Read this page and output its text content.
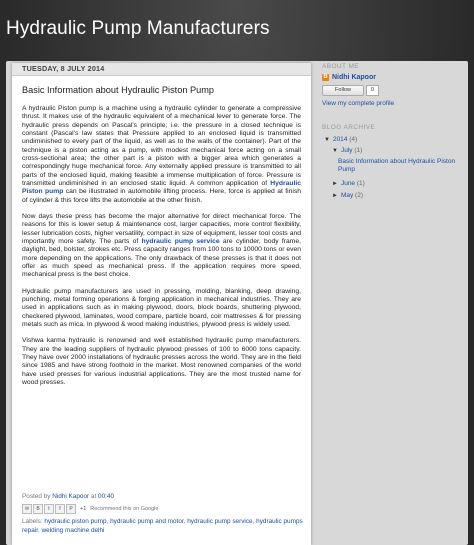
Hydraulic Pump Manufacturers
TUESDAY, 8 JULY 2014
Basic Information about Hydraulic Piston Pump

A hydraulic Piston pump is a machine using a hydraulic cylinder to generate a compressive thrust. It makes use of the hydraulic equivalent of a mechanical lever to generate force. The hydraulic press depends on Pascal's principle; i.e. the pressure in a closed technique is constant (Pascal's law states that Pressure applied to an enclosed liquid is transmitted undiminished to every part of the liquid, as well as to the walls of the container). Part of the technique is a piston acting as a pump, with modest mechanical force acting on a small cross-sectional area; the other part is a piston with a bigger area which generates a correspondingly huge mechanical force. Any externally applied pressure is transmitted to all parts of the enclosed liquid, making feasible a immense multiplication of force. Pressure is transmitted undiminished in an enclosed static liquid. A common application of Hydraulic Piston pump can be illustrated in automobile lifting process. Here, force is applied at finish of cylinder & this force lifts the automobile at the other finish.

Now days these press has become the major alternative for direct mechanical force. The reasons for this is lower setup & maintenance cost, larger capacities, more control flexibility, lesser lubrication costs, higher versatility, compact in size of equipment, lesser tool costs and importantly more safety. The parts of hydraulic pump service are cylinder, body frame, daylight, bed, bolster, strokes etc. Press capacity ranges from 100 tons to 10000 tons or even more depending on the applications. The only drawback of these presses is that it does not offer as much speed as mechanical press. If the application requires more speed, mechanical press is the best choice.

Hydraulic pump manufacturers are used in pressing, molding, blanking, deep drawing, punching, metal forming operations & forging application in mechanical industries. They are used in applications such as in making plywood, doors, block boards, shuttering plywood, checkered plywood, laminates, wood compare, particle board, coir mattresses & for pressing metals such as mica. In plywood & wood making industries, plywood press is widely used.

Vishwa karma hydraulic is renowned and well established hydraulic pump manufacturers. They are the leading suppliers of hydraulic plywood presses of 100 to 6000 tons capacity. They have over 2000 installations of hydraulic presses across the world. They are in the field since 1985 and have strong foothold in the market. Most renowned companies of the world have used presses for various industrial applications. They are the most trusted name for wood presses.

Posted by Nidhi Kapoor at 00:40
✉	B	t	f	P	+1 Recommend this on Google
Labels: hydraulic piston pump, hydraulic pump and motor, hydraulic pump service, hydraulic pumps repair, welding machine delhi
ABOUT ME
B Nidhi Kapoor
Follow	0
View my complete profile
BLOG ARCHIVE
▼ 2014 (4)
▼ July (1)
Basic Information about Hydraulic Piston Pump
► June (1)
► May (2)
